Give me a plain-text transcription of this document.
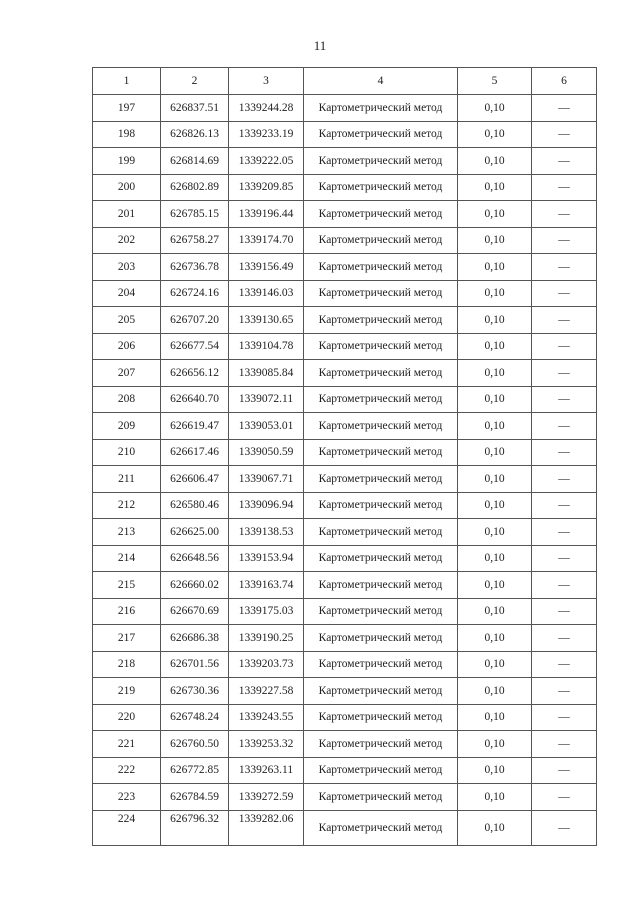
11
1	2	3	4	5	6
197	626837.51	1339244.28	Картометрический метод	0,10	—
198	626826.13	1339233.19	Картометрический метод	0,10	—
199	626814.69	1339222.05	Картометрический метод	0,10	—
200	626802.89	1339209.85	Картометрический метод	0,10	—
201	626785.15	1339196.44	Картометрический метод	0,10	—
202	626758.27	1339174.70	Картометрический метод	0,10	—
203	626736.78	1339156.49	Картометрический метод	0,10	—
204	626724.16	1339146.03	Картометрический метод	0,10	—
205	626707.20	1339130.65	Картометрический метод	0,10	—
206	626677.54	1339104.78	Картометрический метод	0,10	—
207	626656.12	1339085.84	Картометрический метод	0,10	—
208	626640.70	1339072.11	Картометрический метод	0,10	—
209	626619.47	1339053.01	Картометрический метод	0,10	—
210	626617.46	1339050.59	Картометрический метод	0,10	—
211	626606.47	1339067.71	Картометрический метод	0,10	—
212	626580.46	1339096.94	Картометрический метод	0,10	—
213	626625.00	1339138.53	Картометрический метод	0,10	—
214	626648.56	1339153.94	Картометрический метод	0,10	—
215	626660.02	1339163.74	Картометрический метод	0,10	—
216	626670.69	1339175.03	Картометрический метод	0,10	—
217	626686.38	1339190.25	Картометрический метод	0,10	—
218	626701.56	1339203.73	Картометрический метод	0,10	—
219	626730.36	1339227.58	Картометрический метод	0,10	—
220	626748.24	1339243.55	Картометрический метод	0,10	—
221	626760.50	1339253.32	Картометрический метод	0,10	—
222	626772.85	1339263.11	Картометрический метод	0,10	—
223	626784.59	1339272.59	Картометрический метод	0,10	—
224	626796.32	1339282.06	Картометрический метод	0,10	—
